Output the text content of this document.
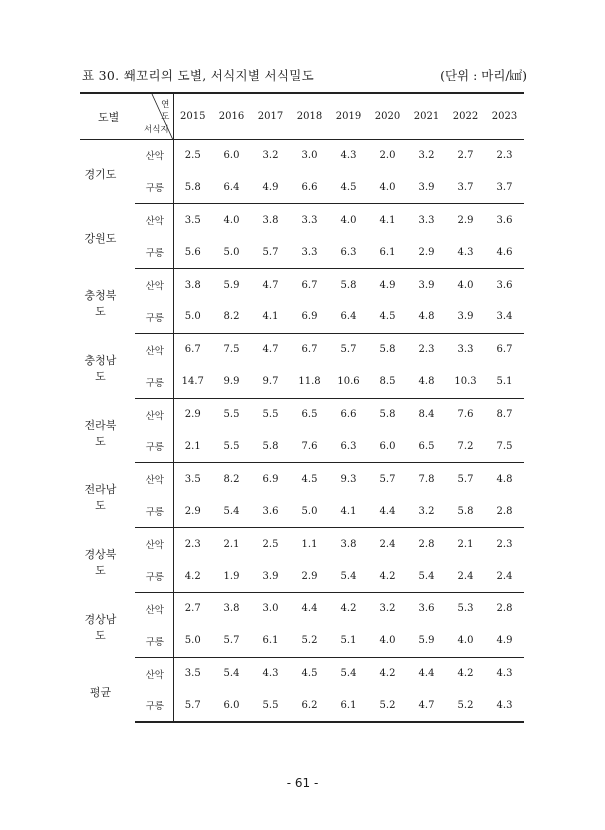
표 30. 쐐꼬리의 도별, 서식지별 서식밀도	(단위 : 마리/㎢)
도별
연도
서식지		2015	2016	2017	2018	2019	2020	2021	2022	2023
경기도	산악	2.5	6.0	3.2	3.0	4.3	2.0	3.2	2.7	2.3
	구릉	5.8	6.4	4.9	6.6	4.5	4.0	3.9	3.7	3.7
강원도	산악	3.5	4.0	3.8	3.3	4.0	4.1	3.3	2.9	3.6
	구릉	5.6	5.0	5.7	3.3	6.3	6.1	2.9	4.3	4.6
충청북도	산악	3.8	5.9	4.7	6.7	5.8	4.9	3.9	4.0	3.6
	구릉	5.0	8.2	4.1	6.9	6.4	4.5	4.8	3.9	3.4
충청남도	산악	6.7	7.5	4.7	6.7	5.7	5.8	2.3	3.3	6.7
	구릉	14.7	9.9	9.7	11.8	10.6	8.5	4.8	10.3	5.1
전라북도	산악	2.9	5.5	5.5	6.5	6.6	5.8	8.4	7.6	8.7
	구릉	2.1	5.5	5.8	7.6	6.3	6.0	6.5	7.2	7.5
전라남도	산악	3.5	8.2	6.9	4.5	9.3	5.7	7.8	5.7	4.8
	구릉	2.9	5.4	3.6	5.0	4.1	4.4	3.2	5.8	2.8
경상북도	산악	2.3	2.1	2.5	1.1	3.8	2.4	2.8	2.1	2.3
	구릉	4.2	1.9	3.9	2.9	5.4	4.2	5.4	2.4	2.4
경상남도	산악	2.7	3.8	3.0	4.4	4.2	3.2	3.6	5.3	2.8
	구릉	5.0	5.7	6.1	5.2	5.1	4.0	5.9	4.0	4.9
평균	산악	3.5	5.4	4.3	4.5	5.4	4.2	4.4	4.2	4.3
	구릉	5.7	6.0	5.5	6.2	6.1	5.2	4.7	5.2	4.3
- 61 -
